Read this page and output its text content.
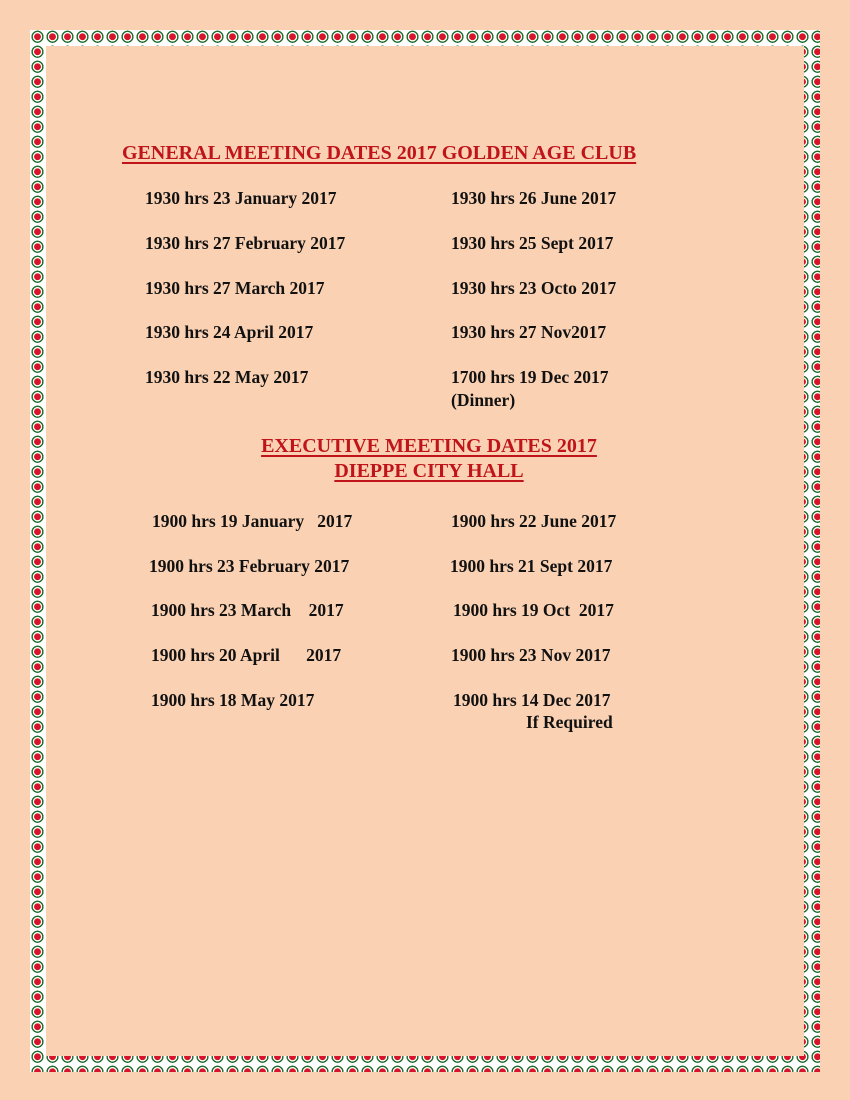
GENERAL MEETING DATES 2017 GOLDEN AGE CLUB
1930 hrs 23 January 2017
1930 hrs 27 February 2017
1930 hrs 27 March 2017
1930 hrs 24 April 2017
1930 hrs 22 May 2017
1930 hrs 26 June 2017
1930 hrs 25 Sept 2017
1930 hrs 23 Octo 2017
1930 hrs 27 Nov2017
1700 hrs 19 Dec 2017
(Dinner)
EXECUTIVE MEETING DATES 2017
DIEPPE CITY HALL
1900 hrs 19 January   2017
1900 hrs 23 February 2017
1900 hrs 23 March    2017
1900 hrs 20 April      2017
1900 hrs 18 May 2017
1900 hrs 22 June 2017
1900 hrs 21 Sept 2017
1900 hrs 19 Oct  2017
1900 hrs 23 Nov 2017
1900 hrs 14 Dec 2017
If Required
